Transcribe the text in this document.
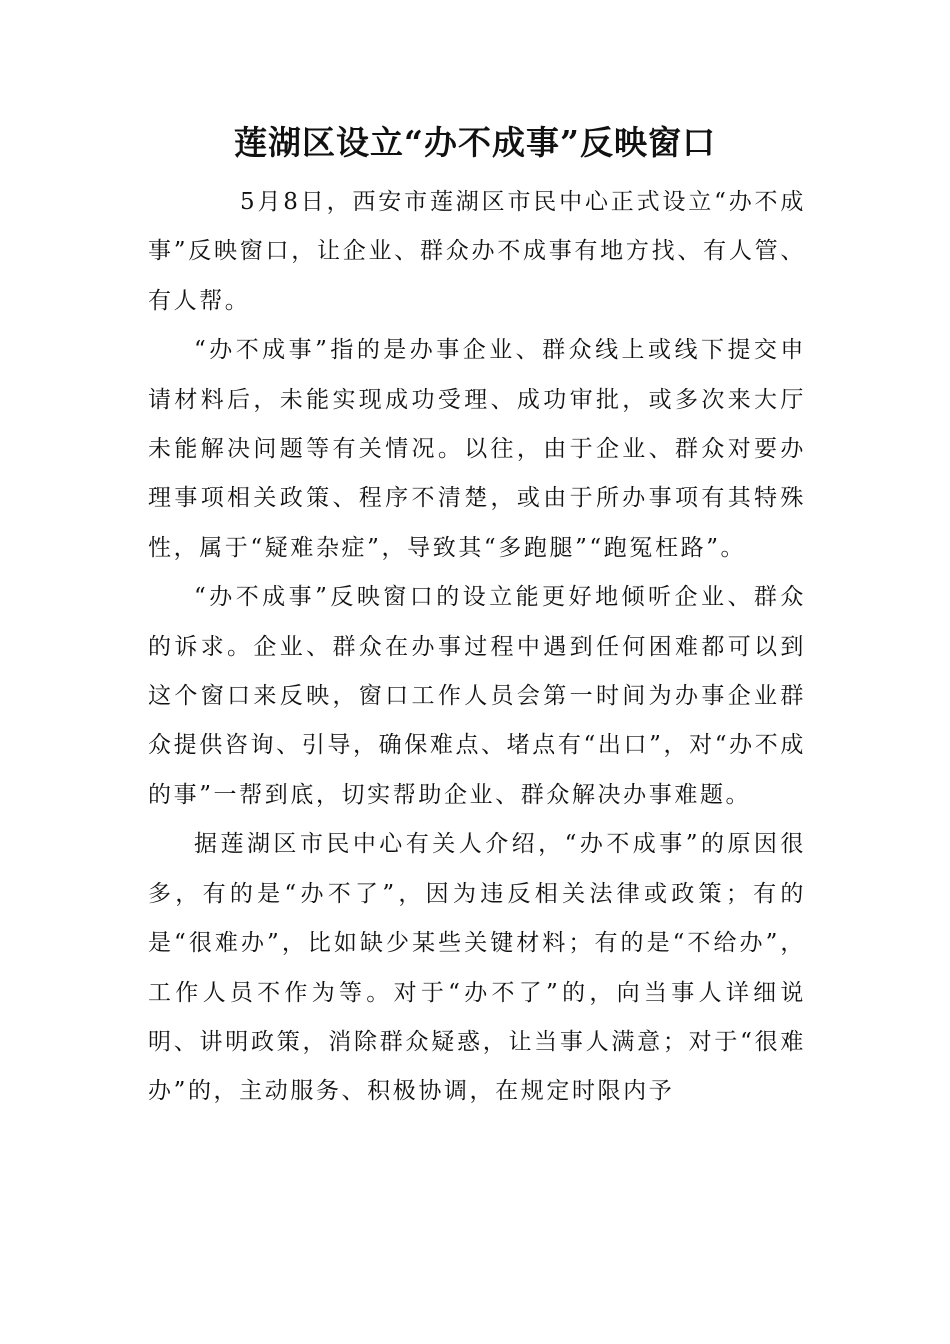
莲湖区设立“办不成事”反映窗口

5月8日，西安市莲湖区市民中心正式设立“办不成事”反映窗口，让企业、群众办不成事有地方找、有人管、有人帮。

“办不成事”指的是办事企业、群众线上或线下提交申请材料后，未能实现成功受理、成功审批，或多次来大厅未能解决问题等有关情况。以往，由于企业、群众对要办理事项相关政策、程序不清楚，或由于所办事项有其特殊性，属于“疑难杂症”，导致其“多跑腿”“跑冤枉路”。

“办不成事”反映窗口的设立能更好地倾听企业、群众的诉求。企业、群众在办事过程中遇到任何困难都可以到这个窗口来反映，窗口工作人员会第一时间为办事企业群众提供咨询、引导，确保难点、堵点有“出口”，对“办不成的事”一帮到底，切实帮助企业、群众解决办事难题。

据莲湖区市民中心有关人介绍，“办不成事”的原因很多，有的是“办不了”，因为违反相关法律或政策；有的是“很难办”，比如缺少某些关键材料；有的是“不给办”，工作人员不作为等。对于“办不了”的，向当事人详细说明、讲明政策，消除群众疑惑，让当事人满意；对于“很难办”的，主动服务、积极协调，在规定时限内予
